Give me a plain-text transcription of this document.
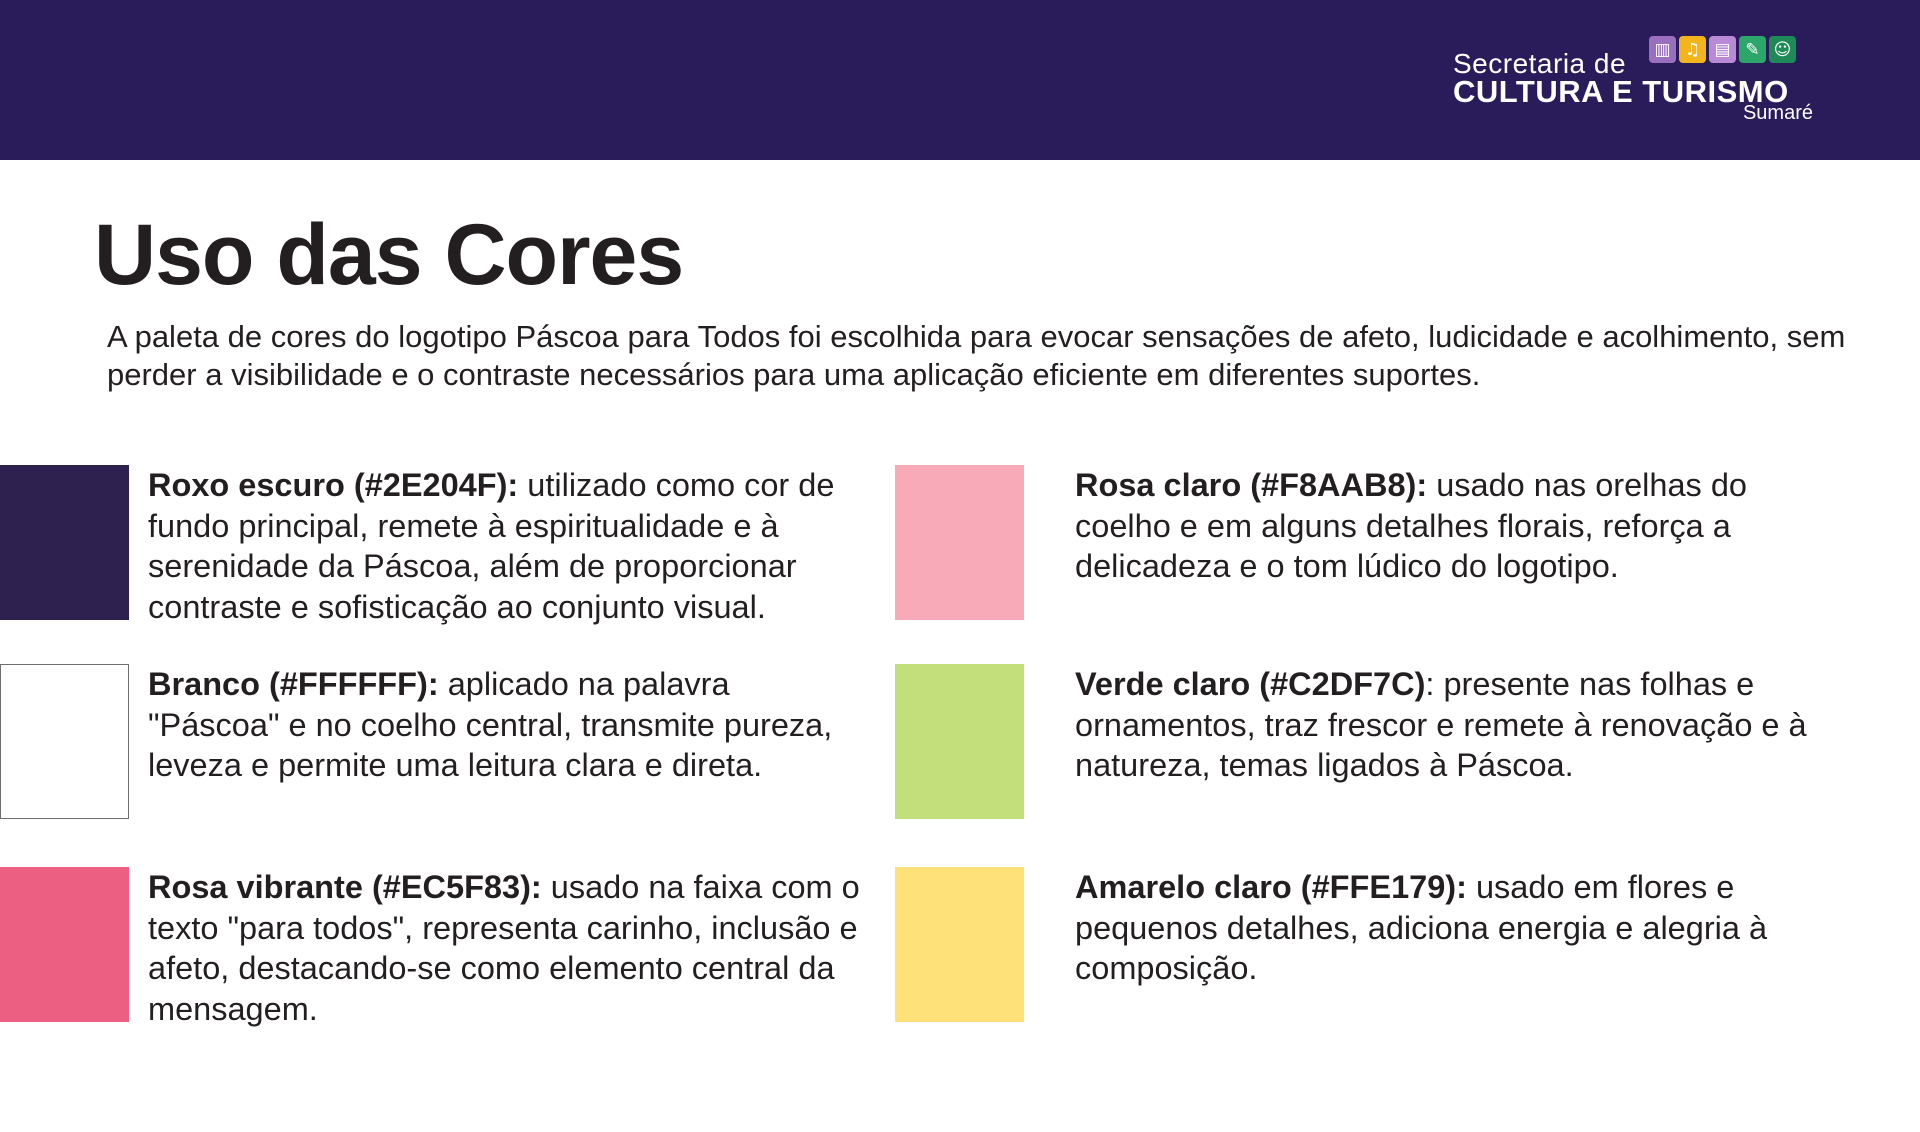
▥ ♫ ▤ ✎ ☺
Secretaria de
CULTURA E TURISMO
Sumaré
Uso das Cores

A paleta de cores do logotipo Páscoa para Todos foi escolhida para evocar sensações de afeto, ludicidade e acolhimento, sem perder a visibilidade e o contraste necessários para uma aplicação eficiente em diferentes suportes.

Roxo escuro (#2E204F): utilizado como cor de fundo principal, remete à espiritualidade e à serenidade da Páscoa, além de proporcionar contraste e sofisticação ao conjunto visual.

Branco (#FFFFFF): aplicado na palavra "Páscoa" e no coelho central, transmite pureza, leveza e permite uma leitura clara e direta.

Rosa vibrante (#EC5F83): usado na faixa com o texto "para todos", representa carinho, inclusão e afeto, destacando-se como elemento central da mensagem.

Rosa claro (#F8AAB8): usado nas orelhas do coelho e em alguns detalhes florais, reforça a delicadeza e o tom lúdico do logotipo.

Verde claro (#C2DF7C): presente nas folhas e ornamentos, traz frescor e remete à renovação e à natureza, temas ligados à Páscoa.

Amarelo claro (#FFE179): usado em flores e pequenos detalhes, adiciona energia e alegria à composição.
